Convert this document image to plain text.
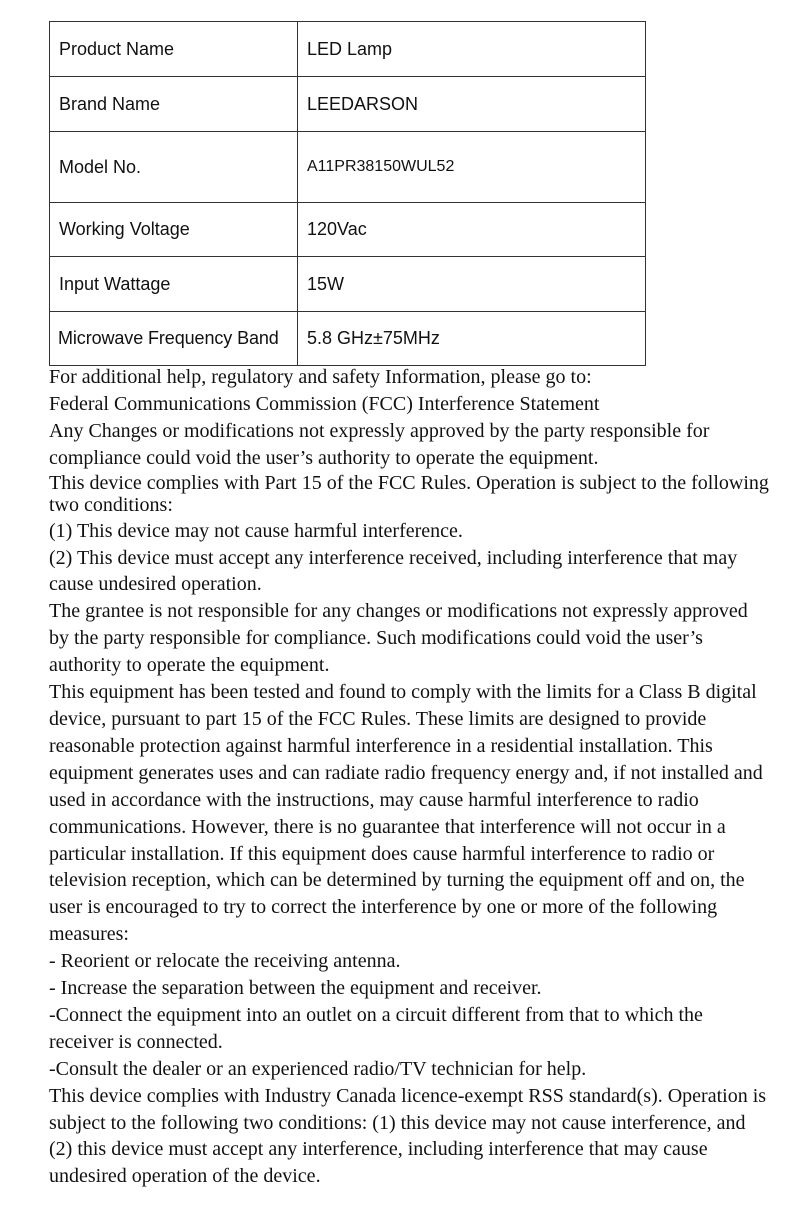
Product Name	LED Lamp
Brand Name	LEEDARSON
Model No.	A11PR38150WUL52
Working Voltage	120Vac
Input Wattage	15W
Microwave Frequency Band	5.8 GHz±75MHz

For additional help, regulatory and safety Information, please go to:

Federal Communications Commission (FCC) Interference Statement

Any Changes or modifications not expressly approved by the party responsible for compliance could void the user’s authority to operate the equipment.

This device complies with Part 15 of the FCC Rules. Operation is subject to the following two conditions:

(1) This device may not cause harmful interference.

(2) This device must accept any interference received, including interference that may cause undesired operation.

The grantee is not responsible for any changes or modifications not expressly approved by the party responsible for compliance. Such modifications could void the user’s authority to operate the equipment.

This equipment has been tested and found to comply with the limits for a Class B digital device, pursuant to part 15 of the FCC Rules. These limits are designed to provide reasonable protection against harmful interference in a residential installation. This equipment generates uses and can radiate radio frequency energy and, if not installed and used in accordance with the instructions, may cause harmful interference to radio communications. However, there is no guarantee that interference will not occur in a particular installation. If this equipment does cause harmful interference to radio or television reception, which can be determined by turning the equipment off and on, the user is encouraged to try to correct the interference by one or more of the following measures:

- Reorient or relocate the receiving antenna.

- Increase the separation between the equipment and receiver.

-Connect the equipment into an outlet on a circuit different from that to which the receiver is connected.

-Consult the dealer or an experienced radio/TV technician for help.

This device complies with Industry Canada licence-exempt RSS standard(s). Operation is subject to the following two conditions: (1) this device may not cause interference, and (2) this device must accept any interference, including interference that may cause undesired operation of the device.
